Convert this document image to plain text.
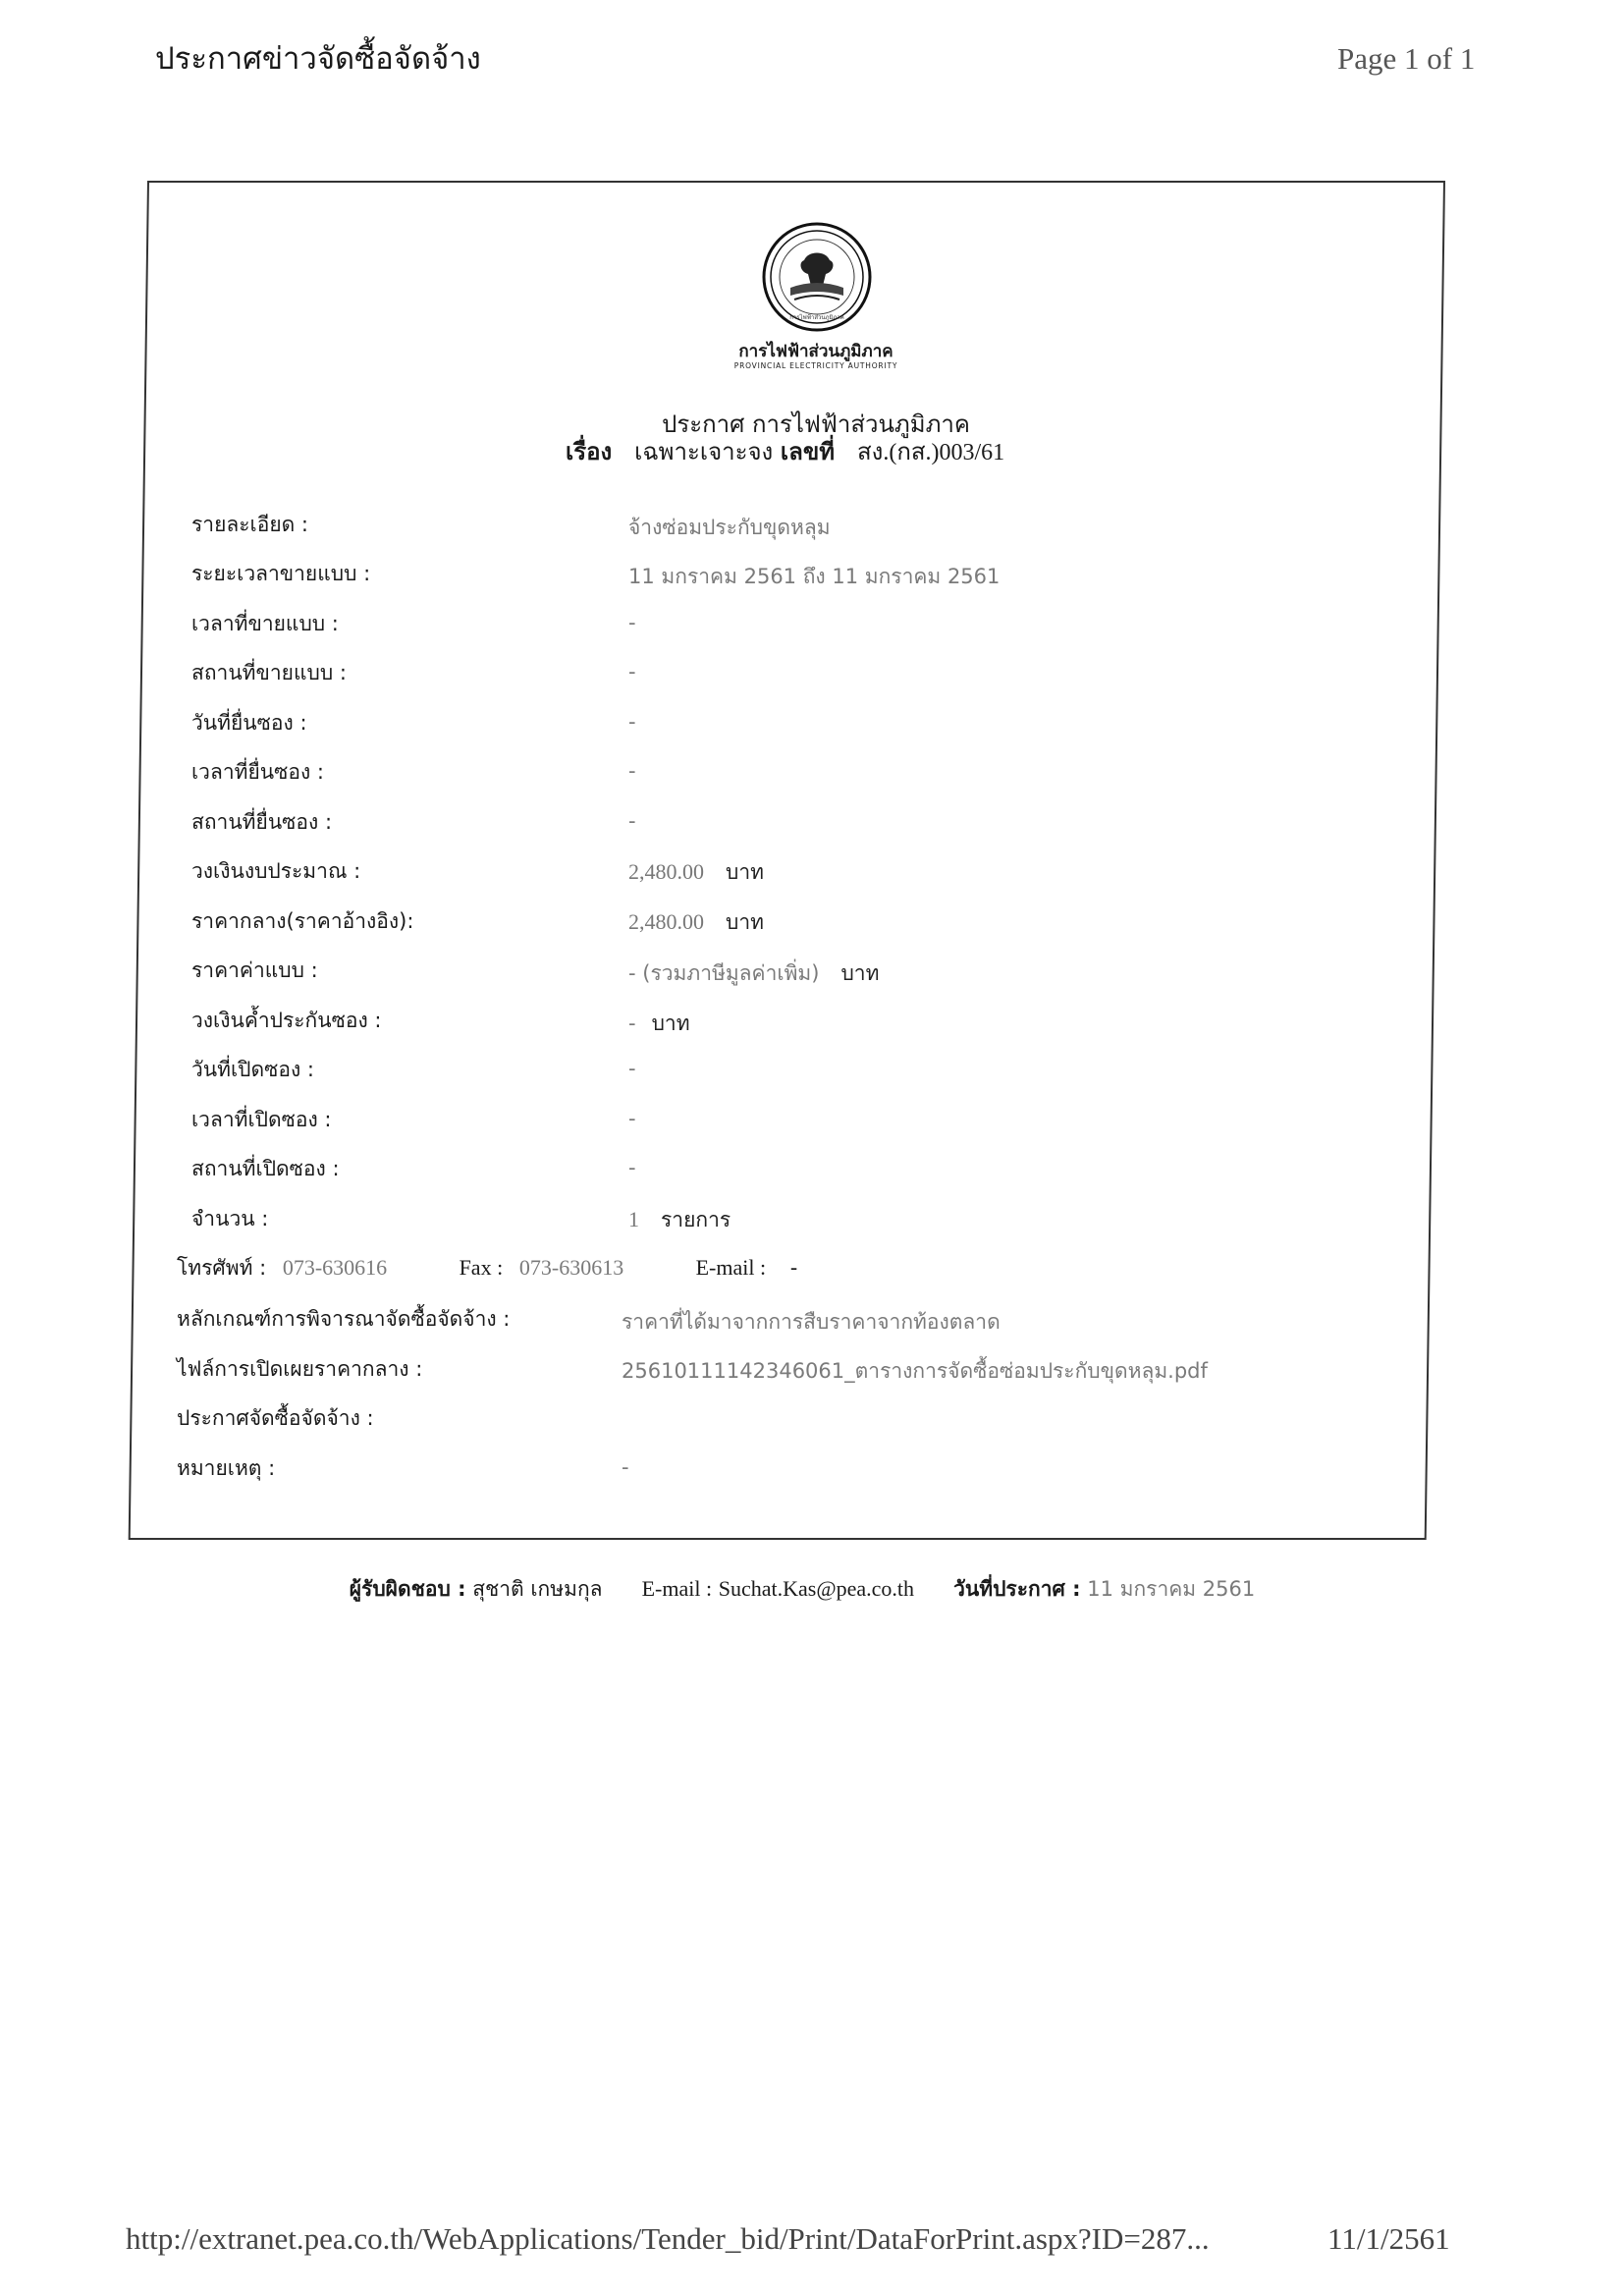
ประกาศข่าวจัดซื้อจัดจ้าง	Page 1 of 1
การไฟฟ้าส่วนภูมิภาค
การไฟฟ้าส่วนภูมิภาค
PROVINCIAL ELECTRICITY AUTHORITY
ประกาศ การไฟฟ้าส่วนภูมิภาค
เรื่อง เฉพาะเจาะจง เลขที่ สง.(กส.)003/61
รายละเอียด :	จ้างซ่อมประกับขุดหลุม
ระยะเวลาขายแบบ :	11 มกราคม 2561 ถึง 11 มกราคม 2561
เวลาที่ขายแบบ :	-
สถานที่ขายแบบ :	-
วันที่ยื่นซอง :	-
เวลาที่ยื่นซอง :	-
สถานที่ยื่นซอง :	-
วงเงินงบประมาณ :	2,480.00 บาท
ราคากลาง(ราคาอ้างอิง):	2,480.00 บาท
ราคาค่าแบบ :	- (รวมภาษีมูลค่าเพิ่ม) บาท
วงเงินค้ำประกันซอง :	- บาท
วันที่เปิดซอง :	-
เวลาที่เปิดซอง :	-
สถานที่เปิดซอง :	-
จำนวน :	1 รายการ
โทรศัพท์ : 073-630616	Fax : 073-630613	E-mail : -
หลักเกณฑ์การพิจารณาจัดซื้อจัดจ้าง :	ราคาที่ได้มาจากการสืบราคาจากท้องตลาด
ไฟล์การเปิดเผยราคากลาง :	25610111142346061_ตารางการจัดซื้อซ่อมประกับขุดหลุม.pdf
ประกาศจัดซื้อจัดจ้าง :
หมายเหตุ :	-
ผู้รับผิดชอบ : สุชาติ เกษมกุล E-mail : Suchat.Kas@pea.co.th วันที่ประกาศ : 11 มกราคม 2561
http://extranet.pea.co.th/WebApplications/Tender_bid/Print/DataForPrint.aspx?ID=287...	11/1/2561
